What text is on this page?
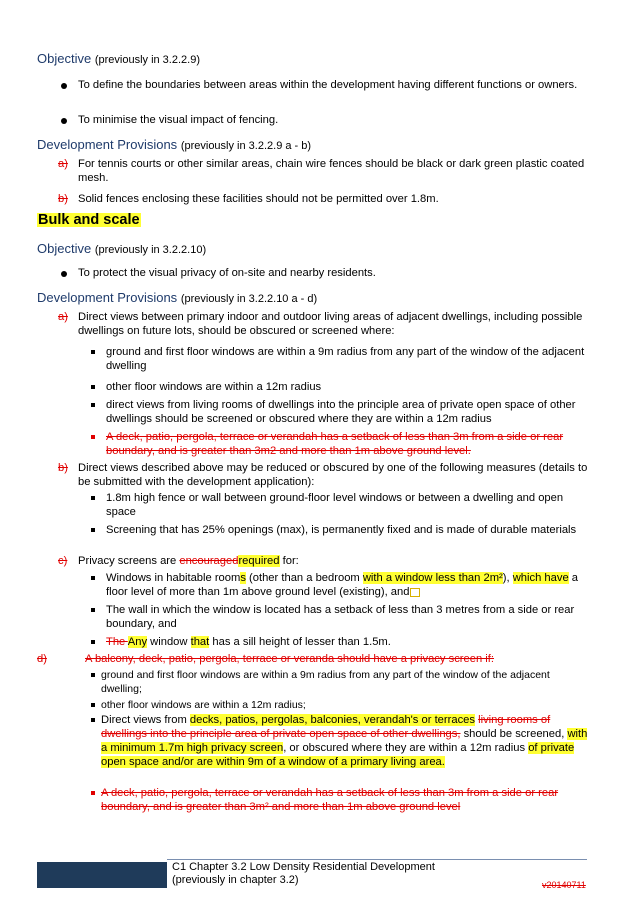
Objective (previously in 3.2.2.9)
To define the boundaries between areas within the development having different functions or owners.
To minimise the visual impact of fencing.
Development Provisions (previously in 3.2.2.9 a - b)
a) For tennis courts or other similar areas, chain wire fences should be black or dark green plastic coated mesh.
b) Solid fences enclosing these facilities should not be permitted over 1.8m.
Bulk and scale
Objective (previously in 3.2.2.10)
To protect the visual privacy of on-site and nearby residents.
Development Provisions (previously in 3.2.2.10 a - d)
a) Direct views between primary indoor and outdoor living areas of adjacent dwellings, including possible dwellings on future lots, should be obscured or screened where:
ground and first floor windows are within a 9m radius from any part of the window of the adjacent dwelling
other floor windows are within a 12m radius
direct views from living rooms of dwellings into the principle area of private open space of other dwellings should be screened or obscured where they are within a 12m radius
A deck, patio, pergola, terrace or verandah has a setback of less than 3m from a side or rear boundary, and is greater than 3m2 and more than 1m above ground level.
b) Direct views described above may be reduced or obscured by one of the following measures (details to be submitted with the development application):
1.8m high fence or wall between ground-floor level windows or between a dwelling and open space
Screening that has 25% openings (max), is permanently fixed and is made of durable materials
c) Privacy screens are encouragedrequired for:
Windows in habitable rooms (other than a bedroom with a window less than 2m²), which have a floor level of more than 1m above ground level (existing), and
The wall in which the window is located has a setback of less than 3 metres from a side or rear boundary, and
The Any window that has a sill height of lesser than 1.5m.
d)	A balcony, deck, patio, pergola, terrace or veranda should have a privacy screen if:
ground and first floor windows are within a 9m radius from any part of the window of the adjacent dwelling;
other floor windows are within a 12m radius;
Direct views from decks, patios, pergolas, balconies, verandah's or terraces living rooms of dwellings into the principle area of private open space of other dwellings, should be screened, with a minimum 1.7m high privacy screen, or obscured where they are within a 12m radius of private open space and/or are within 9m of a window of a primary living area.
A deck, patio, pergola, terrace or verandah has a setback of less than 3m from a side or rear boundary, and is greater than 3m² and more than 1m above ground level
C1 Chapter 3.2 Low Density Residential Development
(previously in chapter 3.2)	v20140711
